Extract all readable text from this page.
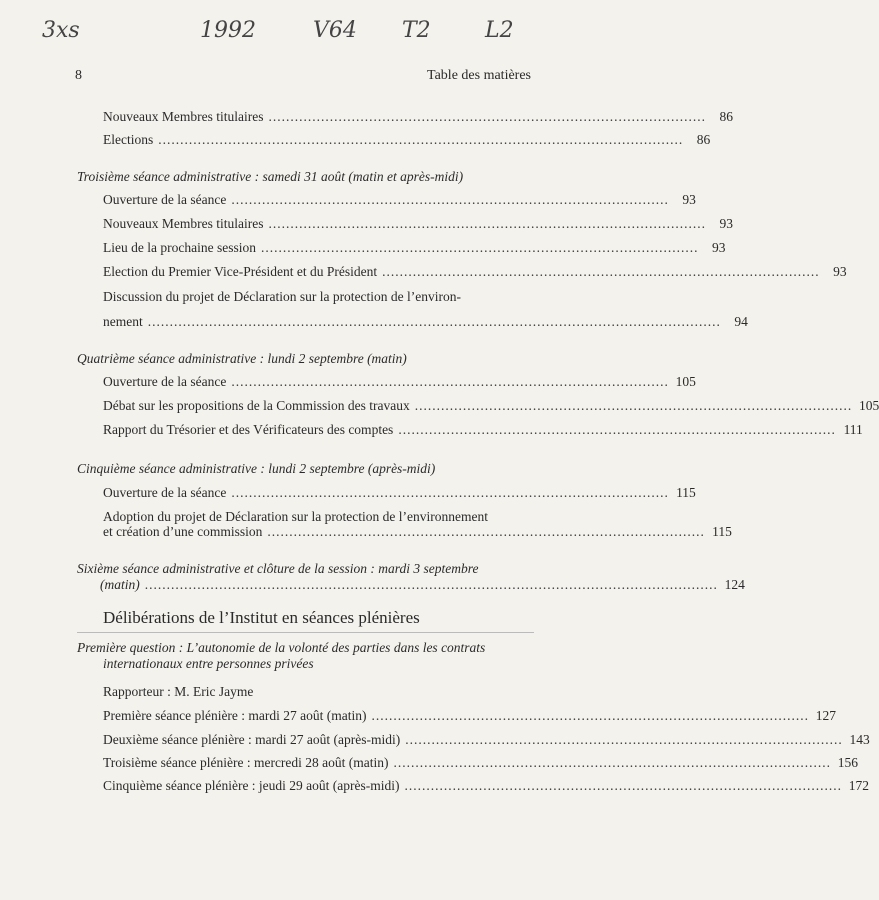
3xs	1992	V64 T2 L2
8	Table des matières
Nouveaux Membres titulaires ....................................................................................................	86
Elections ........................................................................................................................	86
Troisième séance administrative : samedi 31 août (matin et après-midi)
Ouverture de la séance ....................................................................................................	93
Nouveaux Membres titulaires ....................................................................................................	93
Lieu de la prochaine session ....................................................................................................	93
Election du Premier Vice-Président et du Président ....................................................................................................	93
Discussion du projet de Déclaration sur la protection de l’environ-
nement ...................................................................................................................................	94
Quatrième séance administrative : lundi 2 septembre (matin)
Ouverture de la séance .................................................................................................... 105
Débat sur les propositions de la Commission des travaux .................................................................................................... 105
Rapport du Trésorier et des Vérificateurs des comptes .................................................................................................... 111
Cinquième séance administrative : lundi 2 septembre (après-midi)
Ouverture de la séance .................................................................................................... 115
Adoption du projet de Déclaration sur la protection de l’environnement
et création d’une commission .................................................................................................... 115
Sixième séance administrative et clôture de la session : mardi 3 septembre
(matin) ................................................................................................................................... 124
Délibérations de l’Institut en séances plénières
Première question : L’autonomie de la volonté des parties dans les contrats
internationaux entre personnes privées
Rapporteur : M. Eric Jayme
Première séance plénière : mardi 27 août (matin) .................................................................................................... 127
Deuxième séance plénière : mardi 27 août (après-midi) .................................................................................................... 143
Troisième séance plénière : mercredi 28 août (matin) .................................................................................................... 156
Cinquième séance plénière : jeudi 29 août (après-midi) .................................................................................................... 172
